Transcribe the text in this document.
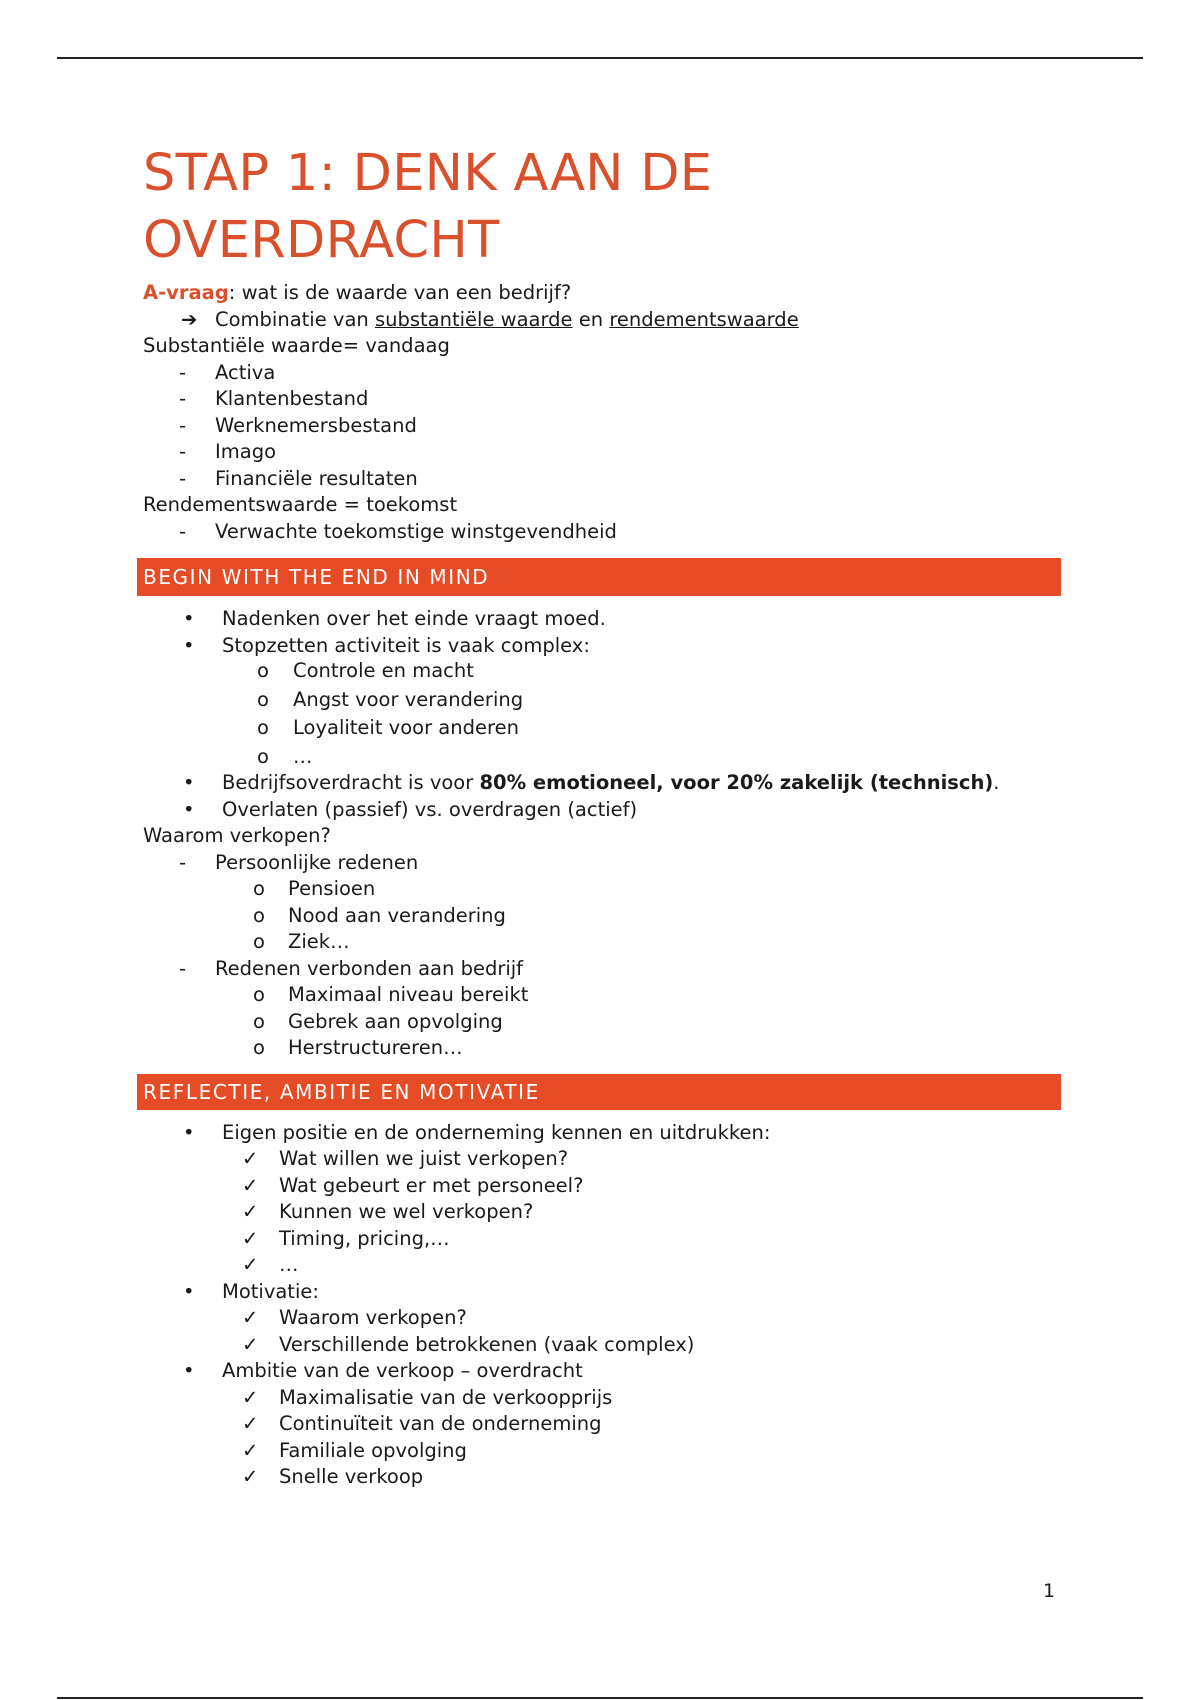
STAP 1: DENK AAN DE
OVERDRACHT
A-vraag: wat is de waarde van een bedrijf?
➔ Combinatie van substantiële waarde en rendementswaarde
Substantiële waarde= vandaag
- Activa
- Klantenbestand
- Werknemersbestand
- Imago
- Financiële resultaten
Rendementswaarde = toekomst
- Verwachte toekomstige winstgevendheid
BEGIN WITH THE END IN MIND
• Nadenken over het einde vraagt moed.
• Stopzetten activiteit is vaak complex:
o Controle en macht
o Angst voor verandering
o Loyaliteit voor anderen
o …
• Bedrijfsoverdracht is voor 80% emotioneel, voor 20% zakelijk (technisch).
• Overlaten (passief) vs. overdragen (actief)
Waarom verkopen?
- Persoonlijke redenen
o Pensioen
o Nood aan verandering
o Ziek…
- Redenen verbonden aan bedrijf
o Maximaal niveau bereikt
o Gebrek aan opvolging
o Herstructureren…
REFLECTIE, AMBITIE EN MOTIVATIE
• Eigen positie en de onderneming kennen en uitdrukken:
✓ Wat willen we juist verkopen?
✓ Wat gebeurt er met personeel?
✓ Kunnen we wel verkopen?
✓ Timing, pricing,…
✓ …
• Motivatie:
✓ Waarom verkopen?
✓ Verschillende betrokkenen (vaak complex)
• Ambitie van de verkoop – overdracht
✓ Maximalisatie van de verkoopprijs
✓ Continuïteit van de onderneming
✓ Familiale opvolging
✓ Snelle verkoop
1
